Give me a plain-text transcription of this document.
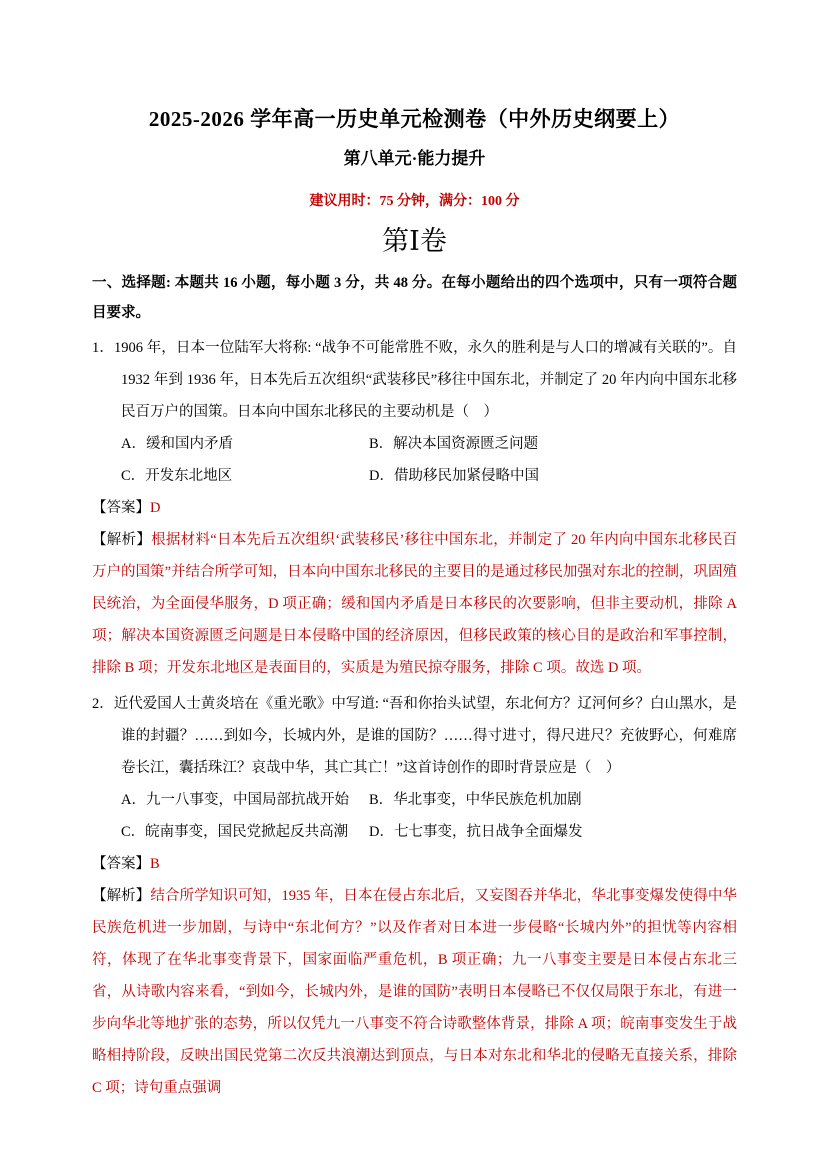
2025-2026 学年高一历史单元检测卷（中外历史纲要上）
第八单元·能力提升
建议用时：75 分钟，满分：100 分
第Ⅰ卷

一、选择题: 本题共 16 小题，每小题 3 分，共 48 分。在每小题给出的四个选项中，只有一项符合题目要求。

1．1906 年，日本一位陆军大将称: “战争不可能常胜不败，永久的胜利是与人口的增减有关联的”。自 1932 年到 1936 年，日本先后五次组织“武装移民”移往中国东北，并制定了 20 年内向中国东北移民百万户的国策。日本向中国东北移民的主要动机是（　）

A．缓和国内矛盾	B．解决本国资源匮乏问题
C．开发东北地区	D．借助移民加紧侵略中国

【答案】D

【解析】根据材料“日本先后五次组织‘武装移民’移往中国东北，并制定了 20 年内向中国东北移民百万户的国策”并结合所学可知，日本向中国东北移民的主要目的是通过移民加强对东北的控制，巩固殖民统治，为全面侵华服务，D 项正确；缓和国内矛盾是日本移民的次要影响，但非主要动机，排除 A 项；解决本国资源匮乏问题是日本侵略中国的经济原因，但移民政策的核心目的是政治和军事控制，排除 B 项；开发东北地区是表面目的，实质是为殖民掠夺服务，排除 C 项。故选 D 项。

2．近代爱国人士黄炎培在《重光歌》中写道: “吾和你抬头试望，东北何方？辽河何乡？白山黑水，是谁的封疆？……到如今，长城内外，是谁的国防？……得寸进寸，得尺进尺？充彼野心，何难席卷长江，囊括珠江？哀哉中华，其亡其亡！”这首诗创作的即时背景应是（　）

A．九一八事变，中国局部抗战开始	B．华北事变，中华民族危机加剧
C．皖南事变，国民党掀起反共高潮	D．七七事变，抗日战争全面爆发

【答案】B

【解析】结合所学知识可知，1935 年，日本在侵占东北后，又妄图吞并华北，华北事变爆发使得中华民族危机进一步加剧，与诗中“东北何方？”以及作者对日本进一步侵略“长城内外”的担忧等内容相符，体现了在华北事变背景下，国家面临严重危机，B 项正确；九一八事变主要是日本侵占东北三省，从诗歌内容来看，“到如今，长城内外，是谁的国防”表明日本侵略已不仅仅局限于东北，有进一步向华北等地扩张的态势，所以仅凭九一八事变不符合诗歌整体背景，排除 A 项；皖南事变发生于战略相持阶段，反映出国民党第二次反共浪潮达到顶点，与日本对东北和华北的侵略无直接关系，排除 C 项；诗句重点强调
